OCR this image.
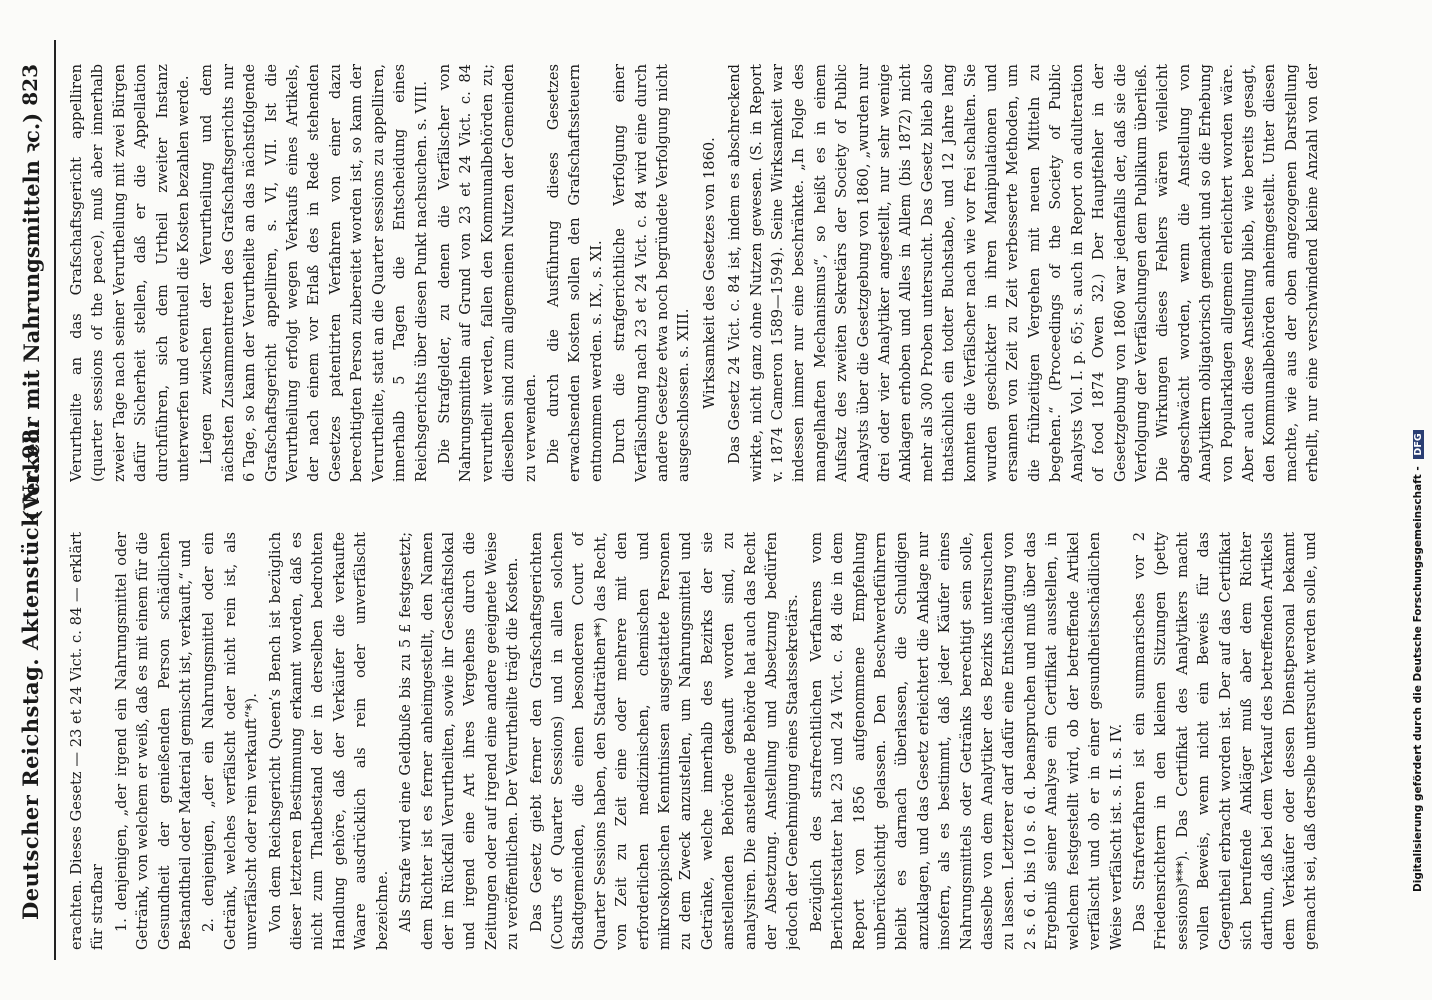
Deutscher Reichstag. Aktenstück Nr. 98.
(Verkehr mit Nahrungsmitteln ꝛc.)
823

erachten. Dieses Gesetz — 23 et 24 Vict. c. 84 — erklärt für strafbar 1. denjenigen, „der irgend ein Nahrungsmittel oder Getränk, von welchem er weiß, daß es mit einem für die Gesundheit der genießenden Person schädlichen Bestandtheil oder Material gemischt ist, verkauft,“ und 2. denjenigen, „der ein Nahrungsmittel oder ein Getränk, welches verfälscht oder nicht rein ist, als unverfälscht oder rein verkauft“*). Von dem Reichsgericht Queen’s Bench ist bezüglich dieser letzteren Bestimmung erkannt worden, daß es nicht zum Thatbestand der in derselben bedrohten Handlung gehöre, daß der Verkäufer die verkaufte Waare ausdrücklich als rein oder unverfälscht bezeichne. Als Strafe wird eine Geldbuße bis zu 5 £ festgesetzt; dem Richter ist es ferner anheimgestellt, den Namen der im Rückfall Verurtheilten, sowie ihr Geschäftslokal und irgend eine Art ihres Vergehens durch die Zeitungen oder auf irgend eine andere geeignete Weise zu veröffentlichen. Der Verurtheilte trägt die Kosten. Das Gesetz giebt ferner den Grafschaftsgerichten (Courts of Quarter Sessions) und in allen solchen Stadtgemeinden, die einen besonderen Court of Quarter Sessions haben, den Stadträthen**) das Recht, von Zeit zu Zeit eine oder mehrere mit den erforderlichen medizinischen, chemischen und mikroskopischen Kenntnissen ausgestattete Personen zu dem Zweck anzustellen, um Nahrungsmittel und Getränke, welche innerhalb des Bezirks der sie anstellenden Behörde gekauft worden sind, zu analysiren. Die anstellende Behörde hat auch das Recht der Absetzung. Anstellung und Absetzung bedürfen jedoch der Genehmigung eines Staatssekretärs. Bezüglich des strafrechtlichen Verfahrens vom Berichterstatter hat 23 und 24 Vict. c. 84 die in dem Report von 1856 aufgenommene Empfehlung unberücksichtigt gelassen. Den Beschwerdeführern bleibt es darnach überlassen, die Schuldigen anzuklagen, und das Gesetz erleichtert die Anklage nur insofern, als es bestimmt, daß jeder Käufer eines Nahrungsmittels oder Getränks berechtigt sein solle, dasselbe von dem Analytiker des Bezirks untersuchen zu lassen. Letzterer darf dafür eine Entschädigung von 2 s. 6 d. bis 10 s. 6 d. beanspruchen und muß über das Ergebniß seiner Analyse ein Certifikat ausstellen, in welchem festgestellt wird, ob der betreffende Artikel verfälscht und ob er in einer gesundheitsschädlichen Weise verfälscht ist. s. II. s. IV. Das Strafverfahren ist ein summarisches vor 2 Friedensrichtern in den kleinen Sitzungen (petty sessions)***). Das Certifikat des Analytikers macht vollen Beweis, wenn nicht ein Beweis für das Gegentheil erbracht worden ist. Der auf das Certifikat sich berufende Ankläger muß aber dem Richter darthun, daß bei dem Verkauf des betreffenden Artikels dem Verkäufer oder dessen Dienstpersonal bekannt gemacht sei, daß derselbe untersucht werden solle, und

Verurtheilte an das Grafschaftsgericht appelliren (quarter sessions of the peace), muß aber innerhalb zweier Tage nach seiner Verurtheilung mit zwei Bürgen dafür Sicherheit stellen, daß er die Appellation durchführen, sich dem Urtheil zweiter Instanz unterwerfen und eventuell die Kosten bezahlen werde. Liegen zwischen der Verurtheilung und dem nächsten Zusammentreten des Grafschaftsgerichts nur 6 Tage, so kann der Verurtheilte an das nächstfolgende Grafschaftsgericht appelliren, s. VI, VII. Ist die Verurtheilung erfolgt wegen Verkaufs eines Artikels, der nach einem vor Erlaß des in Rede stehenden Gesetzes patentirten Verfahren von einer dazu berechtigten Person zubereitet worden ist, so kann der Verurtheilte, statt an die Quarter sessions zu appelliren, innerhalb 5 Tagen die Entscheidung eines Reichsgerichts über diesen Punkt nachsuchen. s. VIII. Die Strafgelder, zu denen die Verfälscher von Nahrungsmitteln auf Grund von 23 et 24 Vict. c. 84 verurtheilt werden, fallen den Kommunalbehörden zu; dieselben sind zum allgemeinen Nutzen der Gemeinden zu verwenden. Die durch die Ausführung dieses Gesetzes erwachsenden Kosten sollen den Grafschaftssteuern entnommen werden. s. IX., s. XI. Durch die strafgerichtliche Verfolgung einer Verfälschung nach 23 et 24 Vict. c. 84 wird eine durch andere Gesetze etwa noch begründete Verfolgung nicht ausgeschlossen. s. XIII. Wirksamkeit des Gesetzes von 1860.

Das Gesetz 24 Vict. c. 84 ist, indem es abschreckend wirkte, nicht ganz ohne Nutzen gewesen. (S. in Report v. 1874 Cameron 1589—1594). Seine Wirksamkeit war indessen immer nur eine beschränkte. „In Folge des mangelhaften Mechanismus“, so heißt es in einem Aufsatz des zweiten Sekretärs der Society of Public Analysts über die Gesetzgebung von 1860, „wurden nur drei oder vier Analytiker angestellt, nur sehr wenige Anklagen erhoben und Alles in Allem (bis 1872) nicht mehr als 300 Proben untersucht. Das Gesetz blieb also thatsächlich ein todter Buchstabe, und 12 Jahre lang konnten die Verfälscher nach wie vor frei schalten. Sie wurden geschickter in ihren Manipulationen und ersannen von Zeit zu Zeit verbesserte Methoden, um die frühzeitigen Vergehen mit neuen Mitteln zu begehen.“ (Proceedings of the Society of Public Analysts Vol. I. p. 65; s. auch in Report on adulteration of food 1874 Owen 32.) Der Hauptfehler in der Gesetzgebung von 1860 war jedenfalls der, daß sie die Verfolgung der Verfälschungen dem Publikum überließ. Die Wirkungen dieses Fehlers wären vielleicht abgeschwächt worden, wenn die Anstellung von Analytikern obligatorisch gemacht und so die Erhebung von Popularklagen allgemein erleichtert worden wäre. Aber auch diese Anstellung blieb, wie bereits gesagt, den Kommunalbehörden anheimgestellt. Unter diesen machte, wie aus der oben angezogenen Darstellung erhellt, nur eine verschwindend kleine Anzahl von der

Digitalisierung gefördert durch die Deutsche Forschungsgemeinschaft - DFG
